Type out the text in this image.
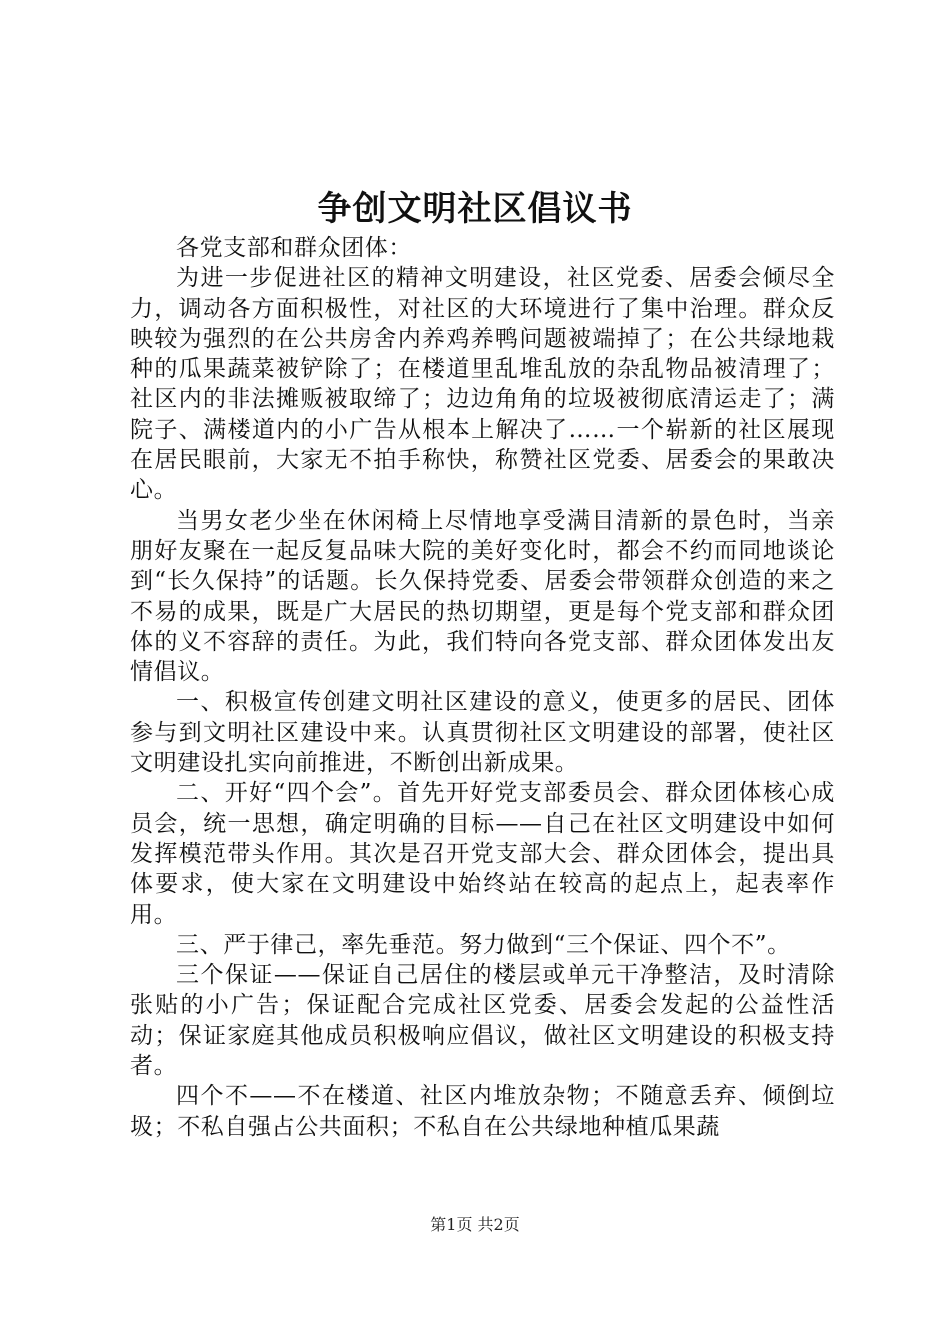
争创文明社区倡议书

各党支部和群众团体：

为进一步促进社区的精神文明建设，社区党委、居委会倾尽全力，调动各方面积极性，对社区的大环境进行了集中治理。群众反映较为强烈的在公共房舍内养鸡养鸭问题被端掉了；在公共绿地栽种的瓜果蔬菜被铲除了；在楼道里乱堆乱放的杂乱物品被清理了；社区内的非法摊贩被取缔了；边边角角的垃圾被彻底清运走了；满院子、满楼道内的小广告从根本上解决了……一个崭新的社区展现在居民眼前，大家无不拍手称快，称赞社区党委、居委会的果敢决心。

当男女老少坐在休闲椅上尽情地享受满目清新的景色时，当亲朋好友聚在一起反复品味大院的美好变化时，都会不约而同地谈论到“长久保持”的话题。长久保持党委、居委会带领群众创造的来之不易的成果，既是广大居民的热切期望，更是每个党支部和群众团体的义不容辞的责任。为此，我们特向各党支部、群众团体发出友情倡议。

一、积极宣传创建文明社区建设的意义，使更多的居民、团体参与到文明社区建设中来。认真贯彻社区文明建设的部署，使社区文明建设扎实向前推进，不断创出新成果。

二、开好“四个会”。首先开好党支部委员会、群众团体核心成员会，统一思想，确定明确的目标——自己在社区文明建设中如何发挥模范带头作用。其次是召开党支部大会、群众团体会，提出具体要求，使大家在文明建设中始终站在较高的起点上，起表率作用。

三、严于律己，率先垂范。努力做到“三个保证、四个不”。

三个保证——保证自己居住的楼层或单元干净整洁，及时清除张贴的小广告；保证配合完成社区党委、居委会发起的公益性活动；保证家庭其他成员积极响应倡议，做社区文明建设的积极支持者。

四个不——不在楼道、社区内堆放杂物；不随意丢弃、倾倒垃圾；不私自强占公共面积；不私自在公共绿地种植瓜果蔬

第1页 共2页
